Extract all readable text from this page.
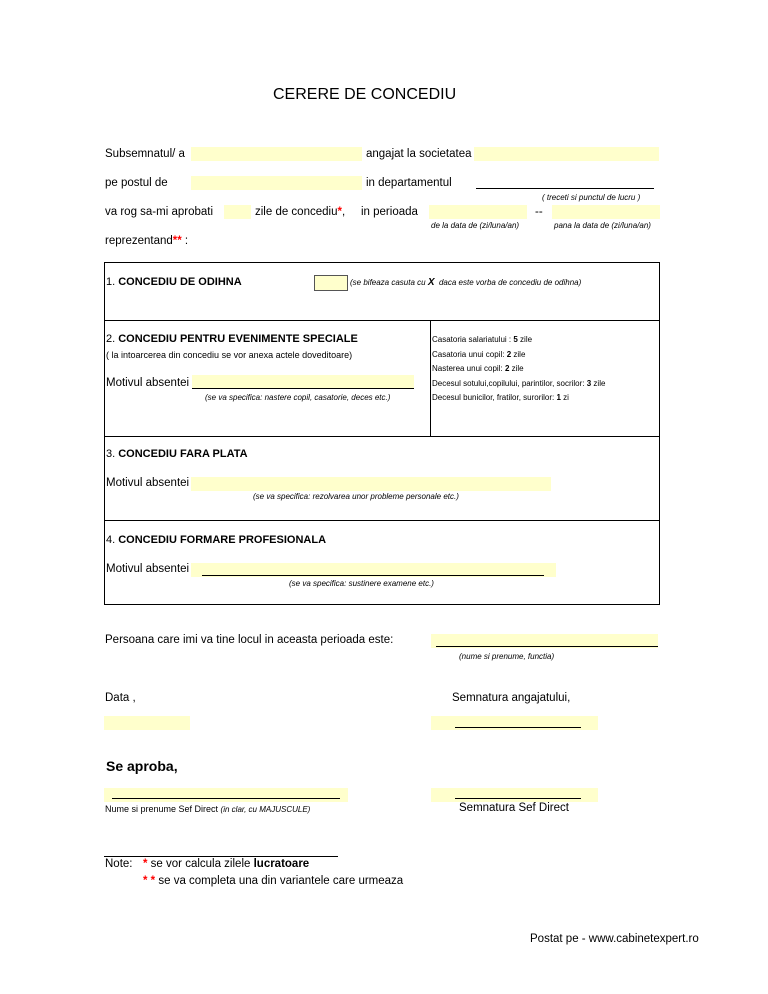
CERERE DE CONCEDIU
Subsemnatul/ a	angajat la societatea
pe postul de	in departamentul
( treceti si punctul de lucru )
va rog sa-mi aprobati	zile de concediu*, in perioada	--
de la data de (zi/luna/an)	pana la data de (zi/luna/an)
reprezentand** :
1. CONCEDIU DE ODIHNA	(se bifeaza casuta cu X  daca este vorba de concediu de odihna)
2. CONCEDIU PENTRU EVENIMENTE SPECIALE
( la intoarcerea din concediu se vor anexa actele doveditoare)
Motivul absentei
(se va specifica: nastere copil, casatorie, deces etc.)
Casatoria salariatului : 5 zile
Casatoria unui copil: 2 zile
Nasterea unui copil: 2 zile
Decesul sotului,copilului, parintilor, socrilor: 3 zile
Decesul bunicilor, fratilor, surorilor: 1 zi
3. CONCEDIU FARA PLATA
Motivul absentei
(se va specifica: rezolvarea unor probleme personale etc.)
4. CONCEDIU FORMARE PROFESIONALA
Motivul absentei
(se va specifica: sustinere examene etc.)
Persoana care imi va tine locul in aceasta perioada este:
(nume si prenume, functia)
Data ,	Semnatura angajatului,
Se aproba,
Nume si prenume Sef Direct (in clar, cu MAJUSCULE)	Semnatura Sef Direct
Note: * se vor calcula zilele lucratoare
* * se va completa una din variantele care urmeaza
Postat pe - www.cabinetexpert.ro
